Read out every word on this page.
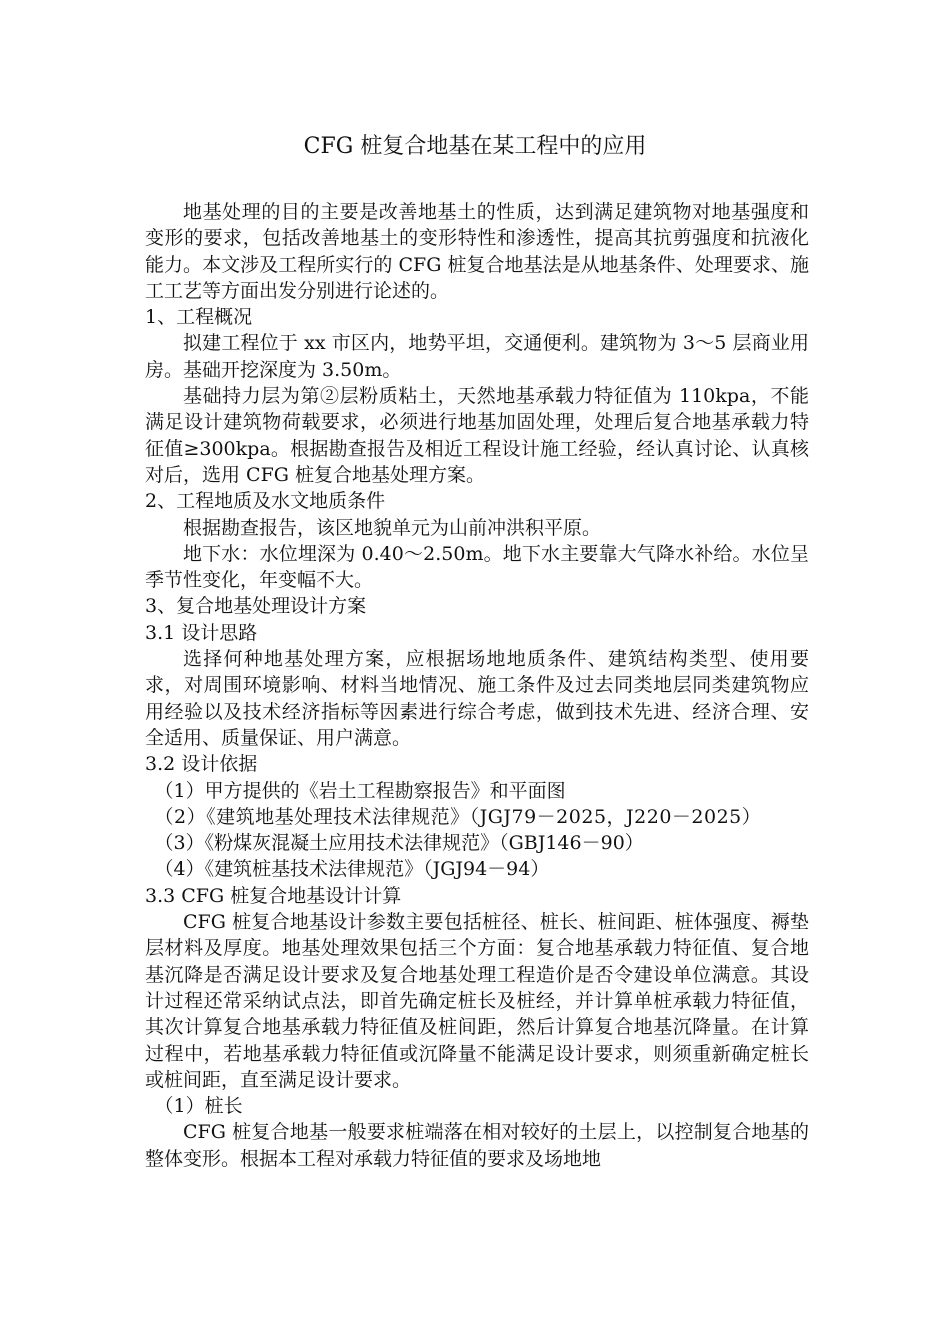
CFG 桩复合地基在某工程中的应用

地基处理的目的主要是改善地基土的性质，达到满足建筑物对地基强度和变形的要求，包括改善地基土的变形特性和渗透性，提高其抗剪强度和抗液化能力。本文涉及工程所实行的 CFG 桩复合地基法是从地基条件、处理要求、施工工艺等方面出发分别进行论述的。

1、工程概况

拟建工程位于 xx 市区内，地势平坦，交通便利。建筑物为 3～5 层商业用房。基础开挖深度为 3.50m。

基础持力层为第②层粉质粘土，天然地基承载力特征值为 110kpa，不能满足设计建筑物荷载要求，必须进行地基加固处理，处理后复合地基承载力特征值≥300kpa。根据勘查报告及相近工程设计施工经验，经认真讨论、认真核对后，选用 CFG 桩复合地基处理方案。

2、工程地质及水文地质条件

根据勘查报告，该区地貌单元为山前冲洪积平原。

地下水：水位埋深为 0.40～2.50m。地下水主要靠大气降水补给。水位呈季节性变化，年变幅不大。

3、复合地基处理设计方案

3.1 设计思路

选择何种地基处理方案，应根据场地地质条件、建筑结构类型、使用要求，对周围环境影响、材料当地情况、施工条件及过去同类地层同类建筑物应用经验以及技术经济指标等因素进行综合考虑，做到技术先进、经济合理、安全适用、质量保证、用户满意。

3.2 设计依据

（1）甲方提供的《岩土工程勘察报告》和平面图

（2）《建筑地基处理技术法律规范》（JGJ79－2025，J220－2025）

（3）《粉煤灰混凝土应用技术法律规范》（GBJ146－90）

（4）《建筑桩基技术法律规范》（JGJ94－94）

3.3 CFG 桩复合地基设计计算

CFG 桩复合地基设计参数主要包括桩径、桩长、桩间距、桩体强度、褥垫层材料及厚度。地基处理效果包括三个方面：复合地基承载力特征值、复合地基沉降是否满足设计要求及复合地基处理工程造价是否令建设单位满意。其设计过程还常采纳试点法，即首先确定桩长及桩经，并计算单桩承载力特征值，其次计算复合地基承载力特征值及桩间距，然后计算复合地基沉降量。在计算过程中，若地基承载力特征值或沉降量不能满足设计要求，则须重新确定桩长或桩间距，直至满足设计要求。

（1）桩长

CFG 桩复合地基一般要求桩端落在相对较好的土层上，以控制复合地基的整体变形。根据本工程对承载力特征值的要求及场地地
